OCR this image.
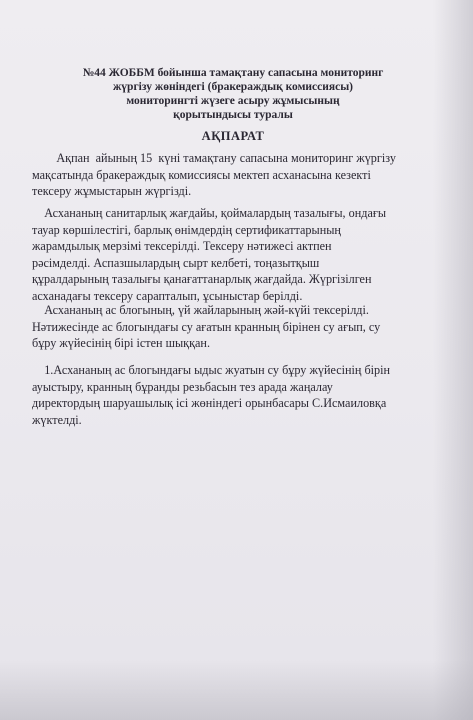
№44 ЖОББМ бойынша тамақтану сапасына мониторинг
жүргізу жөніндегі (бракераждық комиссиясы)
мониторингті жүзеге асыру жұмысының
қорытындысы туралы
АҚПАРАТ
Ақпан  айының 15  күні тамақтану сапасына мониторинг жүргізу
мақсатында бракераждық комиссиясы мектеп асханасына кезекті
тексеру жұмыстарын жүргізді.
Асхананың санитарлық жағдайы, қоймалардың тазалығы, ондағы
тауар көршілестігі, барлық өнімдердің сертификаттарының
жарамдылық мерзімі тексерілді. Тексеру нәтижесі актпен
рәсімделді. Аспазшылардың сырт келбеті, тоңазытқыш
құралдарының тазалығы қанағаттанарлық жағдайда. Жүргізілген
асханадағы тексеру сарапталып, ұсыныстар берілді.
Асхананың ас блогының, үй жайларының жәй-күйі тексерілді.
Нәтижесінде ас блогындағы су ағатын кранның бірінен су ағып, су
бұру жүйесінің бірі істен шыққан.
1.Асхананың ас блогындағы ыдыс жуатын су бұру жүйесінің бірін
ауыстыру, кранның бұранды резьбасын тез арада жаңалау
директордың шаруашылық ісі жөніндегі орынбасары С.Исмаиловқа
жүктелді.
